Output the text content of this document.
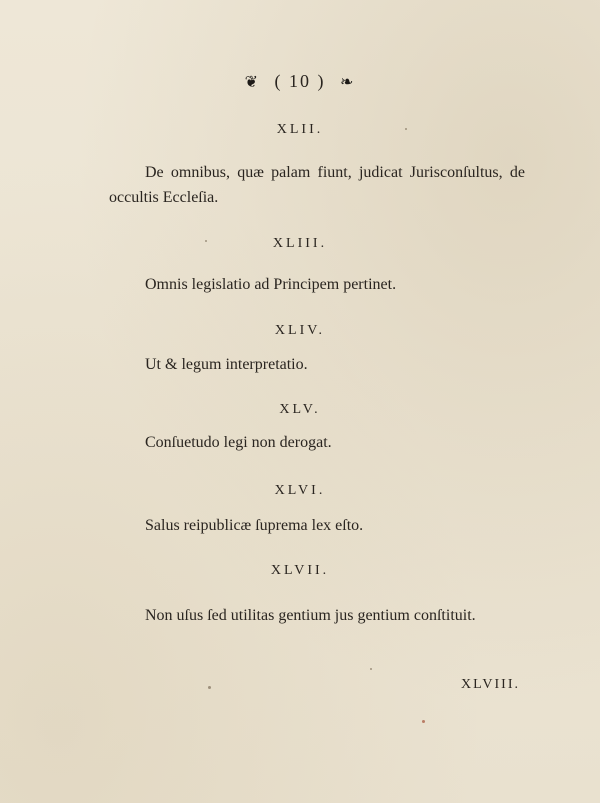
❦ ( 10 ) ❧
XLII.
De omnibus, quæ palam fiunt, judicat Jurisconſultus, de occultis Eccleſia.
XLIII.
Omnis legislatio ad Principem pertinet.
XLIV.
Ut & legum interpretatio.
XLV.
Conſuetudo legi non derogat.
XLVI.
Salus reipublicæ ſuprema lex eſto.
XLVII.
Non uſus ſed utilitas gentium jus gentium conſtituit.
XLVIII.
